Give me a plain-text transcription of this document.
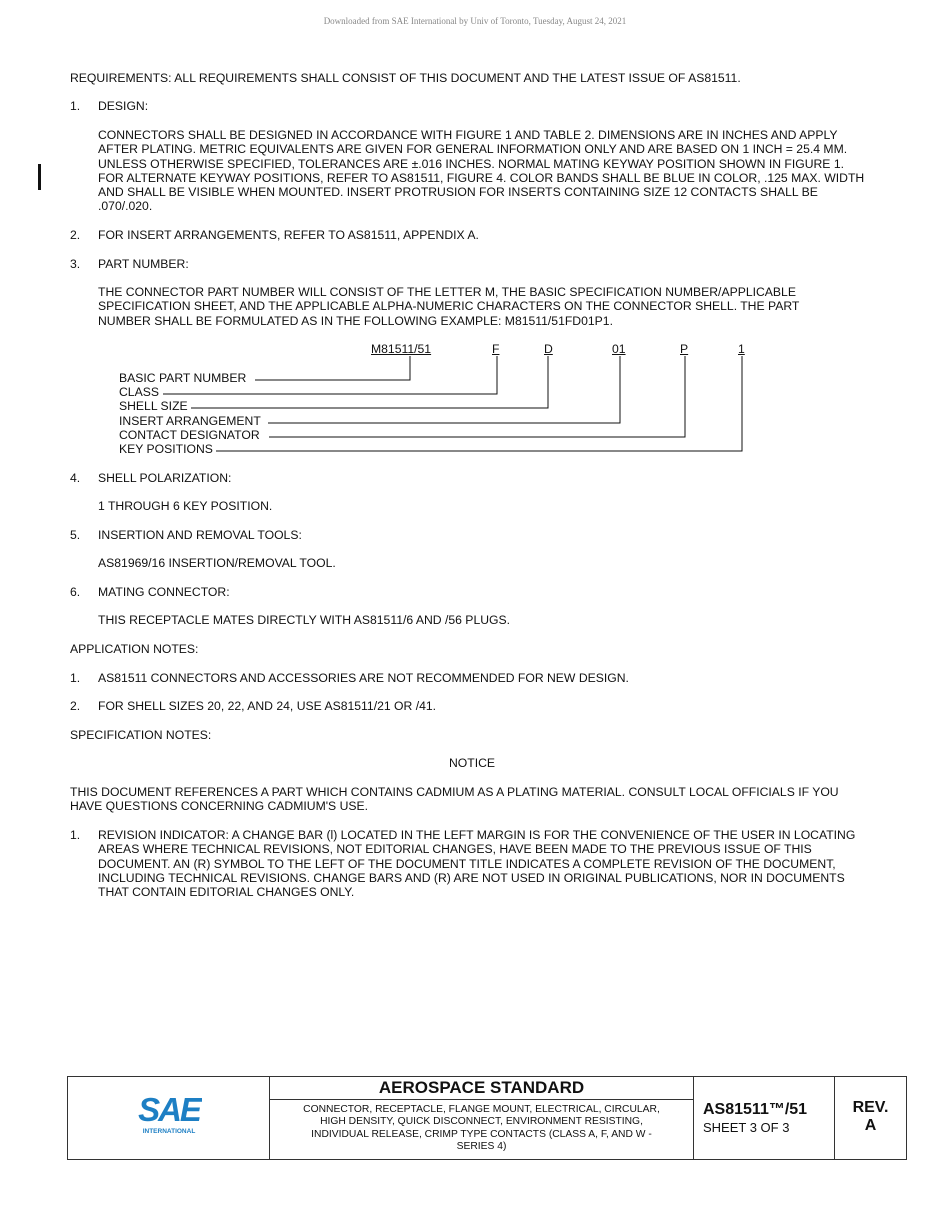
Downloaded from SAE International by Univ of Toronto, Tuesday, August 24, 2021

REQUIREMENTS: ALL REQUIREMENTS SHALL CONSIST OF THIS DOCUMENT AND THE LATEST ISSUE OF AS81511.

1. DESIGN:
CONNECTORS SHALL BE DESIGNED IN ACCORDANCE WITH FIGURE 1 AND TABLE 2. DIMENSIONS ARE IN INCHES AND APPLY AFTER PLATING. METRIC EQUIVALENTS ARE GIVEN FOR GENERAL INFORMATION ONLY AND ARE BASED ON 1 INCH = 25.4 MM. UNLESS OTHERWISE SPECIFIED, TOLERANCES ARE ±.016 INCHES. NORMAL MATING KEYWAY POSITION SHOWN IN FIGURE 1. FOR ALTERNATE KEYWAY POSITIONS, REFER TO AS81511, FIGURE 4. COLOR BANDS SHALL BE BLUE IN COLOR, .125 MAX. WIDTH AND SHALL BE VISIBLE WHEN MOUNTED. INSERT PROTRUSION FOR INSERTS CONTAINING SIZE 12 CONTACTS SHALL BE .070/.020.
2. FOR INSERT ARRANGEMENTS, REFER TO AS81511, APPENDIX A.
3. PART NUMBER:
THE CONNECTOR PART NUMBER WILL CONSIST OF THE LETTER M, THE BASIC SPECIFICATION NUMBER/APPLICABLE SPECIFICATION SHEET, AND THE APPLICABLE ALPHA-NUMERIC CHARACTERS ON THE CONNECTOR SHELL. THE PART NUMBER SHALL BE FORMULATED AS IN THE FOLLOWING EXAMPLE: M81511/51FD01P1.
M81511/51	F	D	01	P	1
BASIC PART NUMBER
CLASS
SHELL SIZE
INSERT ARRANGEMENT
CONTACT DESIGNATOR
KEY POSITIONS
4. SHELL POLARIZATION:
1 THROUGH 6 KEY POSITION.
5. INSERTION AND REMOVAL TOOLS:
AS81969/16 INSERTION/REMOVAL TOOL.
6. MATING CONNECTOR:
THIS RECEPTACLE MATES DIRECTLY WITH AS81511/6 AND /56 PLUGS.

APPLICATION NOTES:

1. AS81511 CONNECTORS AND ACCESSORIES ARE NOT RECOMMENDED FOR NEW DESIGN.
2. FOR SHELL SIZES 20, 22, AND 24, USE AS81511/21 OR /41.

SPECIFICATION NOTES:

NOTICE

THIS DOCUMENT REFERENCES A PART WHICH CONTAINS CADMIUM AS A PLATING MATERIAL. CONSULT LOCAL OFFICIALS IF YOU HAVE QUESTIONS CONCERNING CADMIUM'S USE.

1. REVISION INDICATOR: A CHANGE BAR (l) LOCATED IN THE LEFT MARGIN IS FOR THE CONVENIENCE OF THE USER IN LOCATING AREAS WHERE TECHNICAL REVISIONS, NOT EDITORIAL CHANGES, HAVE BEEN MADE TO THE PREVIOUS ISSUE OF THIS DOCUMENT. AN (R) SYMBOL TO THE LEFT OF THE DOCUMENT TITLE INDICATES A COMPLETE REVISION OF THE DOCUMENT, INCLUDING TECHNICAL REVISIONS. CHANGE BARS AND (R) ARE NOT USED IN ORIGINAL PUBLICATIONS, NOR IN DOCUMENTS THAT CONTAIN EDITORIAL CHANGES ONLY.
SAE
INTERNATIONAL
AEROSPACE STANDARD
CONNECTOR, RECEPTACLE, FLANGE MOUNT, ELECTRICAL, CIRCULAR, HIGH DENSITY, QUICK DISCONNECT, ENVIRONMENT RESISTING, INDIVIDUAL RELEASE, CRIMP TYPE CONTACTS (CLASS A, F, AND W - SERIES 4)
AS81511™/51
SHEET 3 OF 3
REV.
A
